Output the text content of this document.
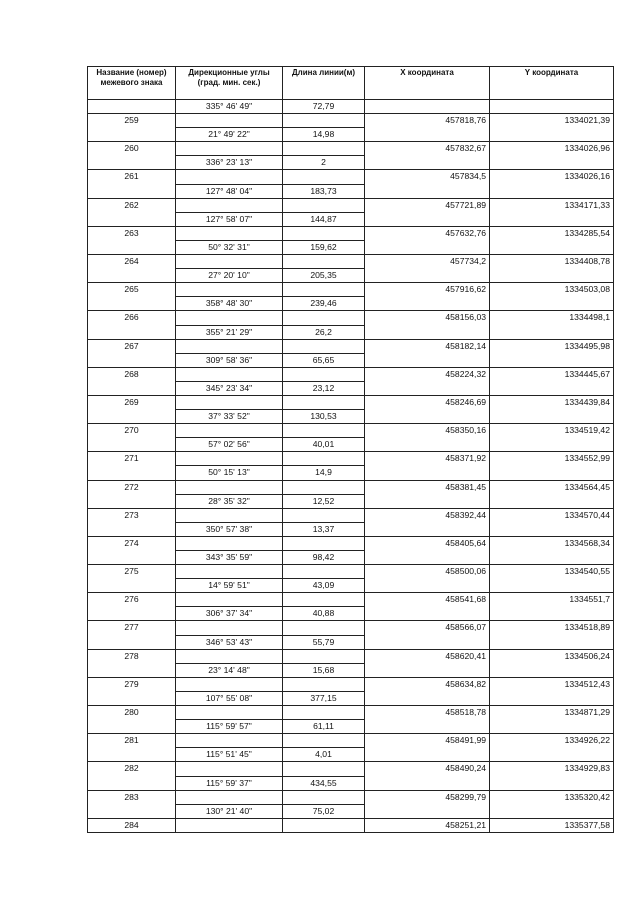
Название (номер) межевого знака	Дирекционные углы (град. мин. сек.)	Длина линии(м)	X координата	Y координата
	335° 46' 49"	72,79		
259			457818,76	1334021,39
	21° 49' 22"	14,98		
260			457832,67	1334026,96
	336° 23' 13"	2		
261			457834,5	1334026,16
	127° 48' 04"	183,73		
262			457721,89	1334171,33
	127° 58' 07"	144,87		
263			457632,76	1334285,54
	50° 32' 31"	159,62		
264			457734,2	1334408,78
	27° 20' 10"	205,35		
265			457916,62	1334503,08
	358° 48' 30"	239,46		
266			458156,03	1334498,1
	355° 21' 29"	26,2		
267			458182,14	1334495,98
	309° 58' 36"	65,65		
268			458224,32	1334445,67
	345° 23' 34"	23,12		
269			458246,69	1334439,84
	37° 33' 52"	130,53		
270			458350,16	1334519,42
	57° 02' 56"	40,01		
271			458371,92	1334552,99
	50° 15' 13"	14,9		
272			458381,45	1334564,45
	28° 35' 32"	12,52		
273			458392,44	1334570,44
	350° 57' 38"	13,37		
274			458405,64	1334568,34
	343° 35' 59"	98,42		
275			458500,06	1334540,55
	14° 59' 51"	43,09		
276			458541,68	1334551,7
	306° 37' 34"	40,88		
277			458566,07	1334518,89
	346° 53' 43"	55,79		
278			458620,41	1334506,24
	23° 14' 48"	15,68		
279			458634,82	1334512,43
	107° 55' 08"	377,15		
280			458518,78	1334871,29
	115° 59' 57"	61,11		
281			458491,99	1334926,22
	115° 51' 45"	4,01		
282			458490,24	1334929,83
	115° 59' 37"	434,55		
283			458299,79	1335320,42
	130° 21' 40"	75,02		
284			458251,21	1335377,58
